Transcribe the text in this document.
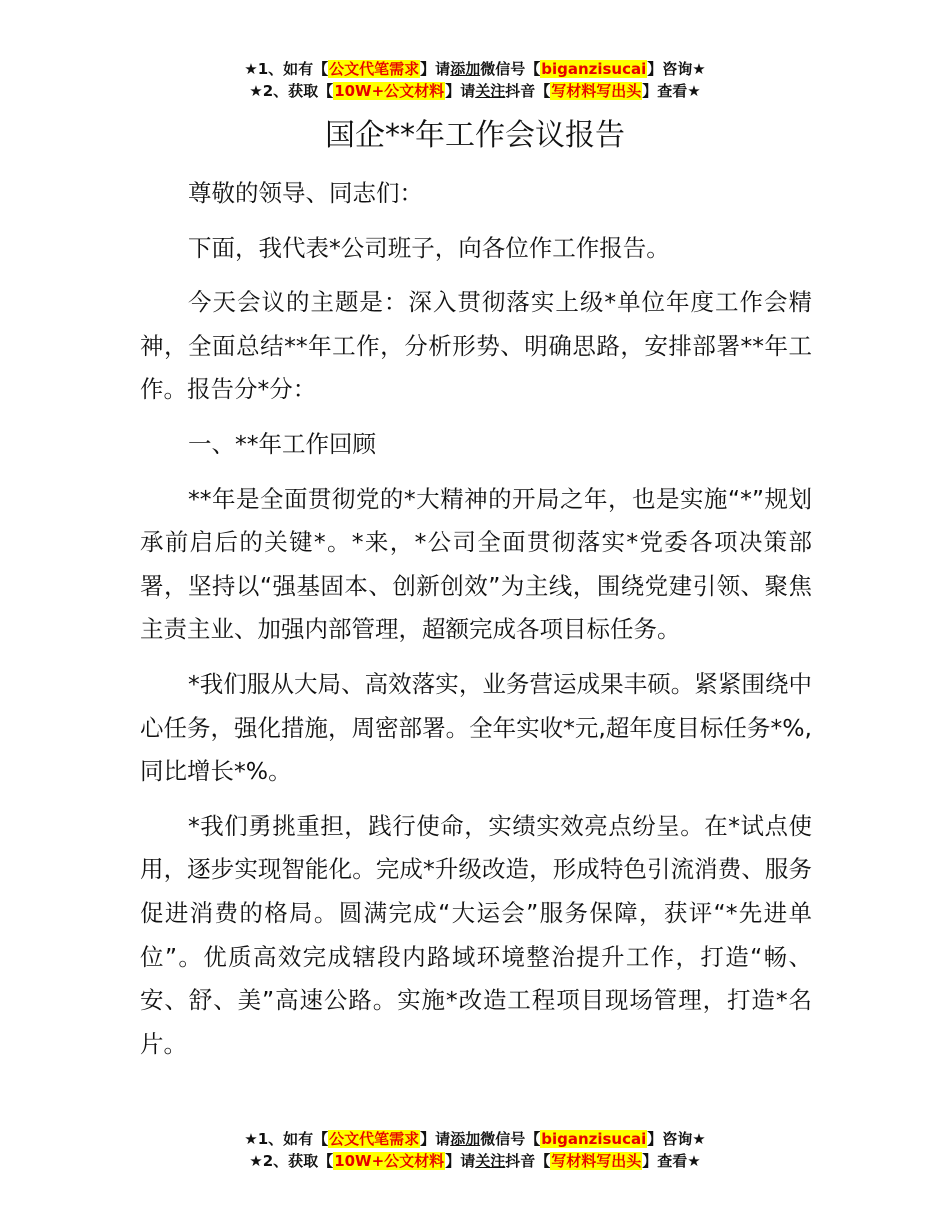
★1、如有【公文代笔需求】请添加微信号【biganzisucai】咨询★
★2、获取【10W+公文材料】请关注抖音【写材料写出头】查看★
国企**年工作会议报告

尊敬的领导、同志们：

下面，我代表*公司班子，向各位作工作报告。

今天会议的主题是：深入贯彻落实上级*单位年度工作会精神，全面总结**年工作，分析形势、明确思路，安排部署**年工作。报告分*分：

一、**年工作回顾

**年是全面贯彻党的*大精神的开局之年，也是实施“*”规划承前启后的关键*。*来，*公司全面贯彻落实*党委各项决策部署，坚持以“强基固本、创新创效”为主线，围绕党建引领、聚焦主责主业、加强内部管理，超额完成各项目标任务。

*我们服从大局、高效落实，业务营运成果丰硕。紧紧围绕中心任务，强化措施，周密部署。全年实收*元,超年度目标任务*%,同比增长*%。

*我们勇挑重担，践行使命，实绩实效亮点纷呈。在*试点使用，逐步实现智能化。完成*升级改造，形成特色引流消费、服务促进消费的格局。圆满完成“大运会”服务保障，获评“*先进单位”。优质高效完成辖段内路域环境整治提升工作，打造“畅、安、舒、美”高速公路。实施*改造工程项目现场管理，打造*名片。

★1、如有【公文代笔需求】请添加微信号【biganzisucai】咨询★
★2、获取【10W+公文材料】请关注抖音【写材料写出头】查看★
